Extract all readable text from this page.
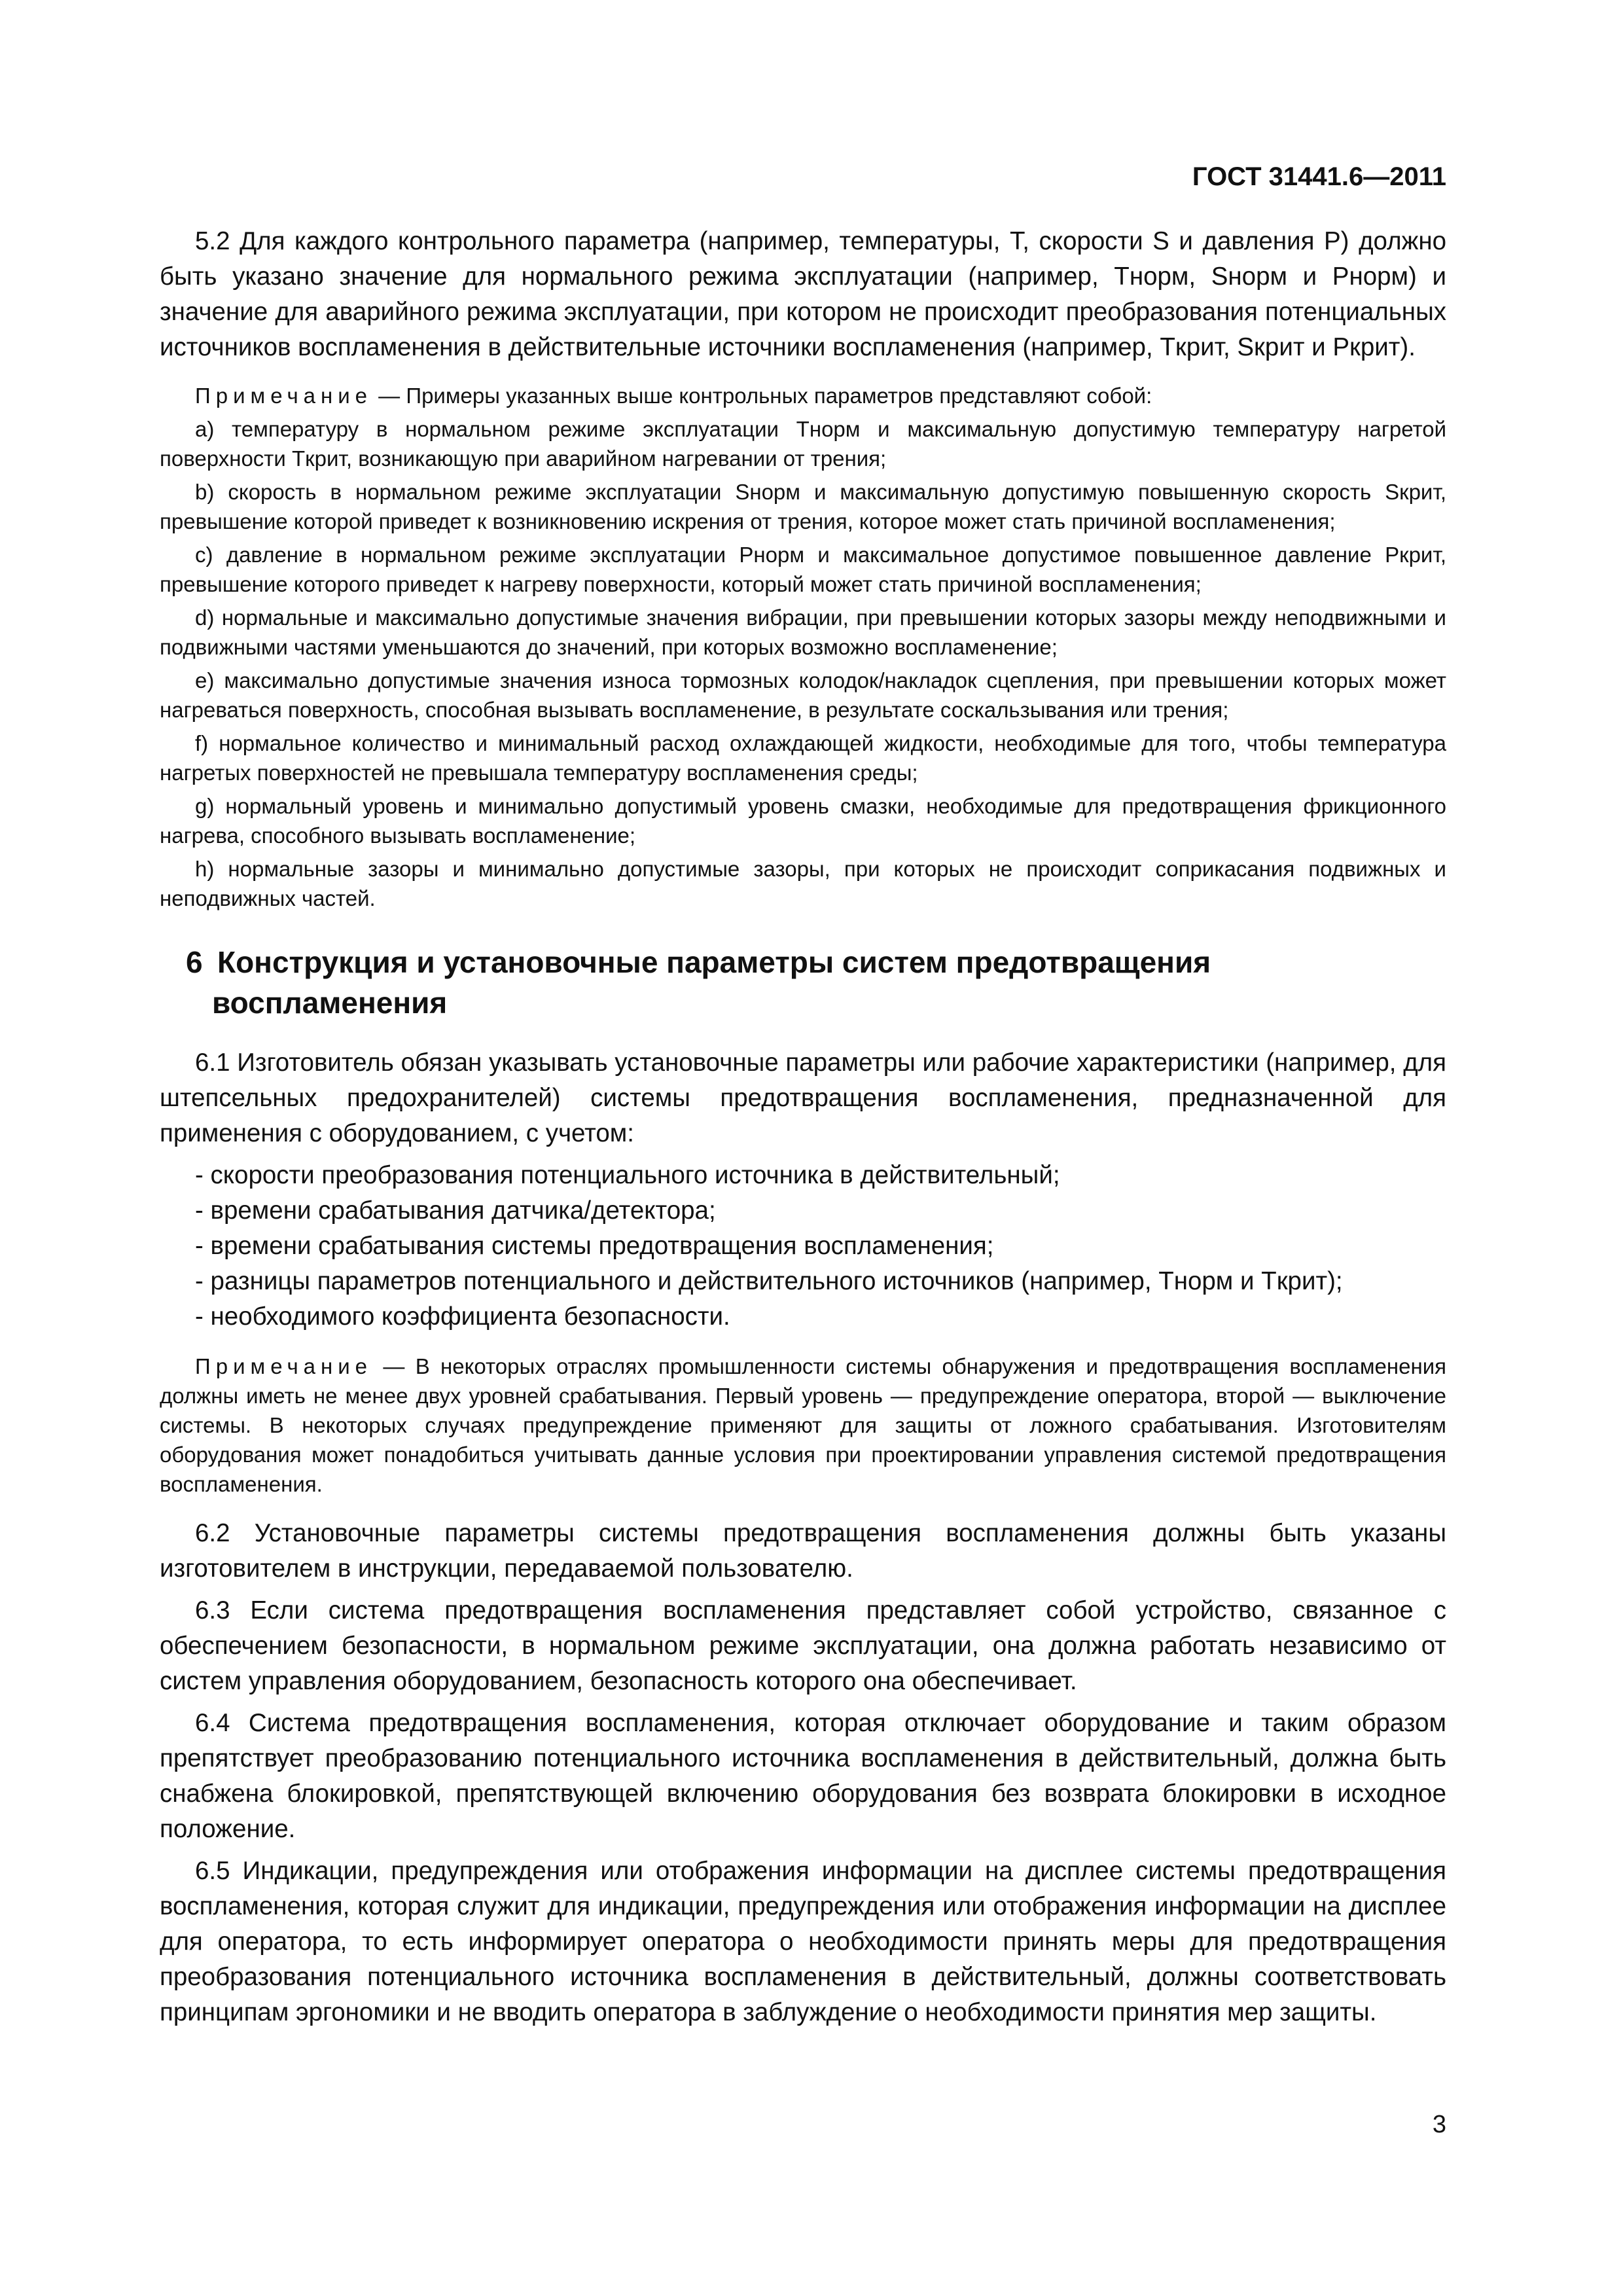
ГОСТ 31441.6—2011

5.2 Для каждого контрольного параметра (например, температуры, T, скорости S и давления P) должно быть указано значение для нормального режима эксплуатации (например, Tнорм, Sнорм и Pнорм) и значение для аварийного режима эксплуатации, при котором не происходит преобразования потенциальных источников воспламенения в действительные источники воспламенения (например, Tкрит, Sкрит и Pкрит).

Примечание — Примеры указанных выше контрольных параметров представляют собой:

a) температуру в нормальном режиме эксплуатации Tнорм и максимальную допустимую температуру нагретой поверхности Tкрит, возникающую при аварийном нагревании от трения;

b) скорость в нормальном режиме эксплуатации Sнорм и максимальную допустимую повышенную скорость Sкрит, превышение которой приведет к возникновению искрения от трения, которое может стать причиной воспламенения;

c) давление в нормальном режиме эксплуатации Pнорм и максимальное допустимое повышенное давление Pкрит, превышение которого приведет к нагреву поверхности, который может стать причиной воспламенения;

d) нормальные и максимально допустимые значения вибрации, при превышении которых зазоры между неподвижными и подвижными частями уменьшаются до значений, при которых возможно воспламенение;

e) максимально допустимые значения износа тормозных колодок/накладок сцепления, при превышении которых может нагреваться поверхность, способная вызывать воспламенение, в результате соскальзывания или трения;

f) нормальное количество и минимальный расход охлаждающей жидкости, необходимые для того, чтобы температура нагретых поверхностей не превышала температуру воспламенения среды;

g) нормальный уровень и минимально допустимый уровень смазки, необходимые для предотвращения фрикционного нагрева, способного вызывать воспламенение;

h) нормальные зазоры и минимально допустимые зазоры, при которых не происходит соприкасания подвижных и неподвижных частей.

6 Конструкция и установочные параметры систем предотвращения воспламенения

6.1 Изготовитель обязан указывать установочные параметры или рабочие характеристики (например, для штепсельных предохранителей) системы предотвращения воспламенения, предназначенной для применения с оборудованием, с учетом:

- скорости преобразования потенциального источника в действительный;
- времени срабатывания датчика/детектора;
- времени срабатывания системы предотвращения воспламенения;
- разницы параметров потенциального и действительного источников (например, Tнорм и Tкрит);
- необходимого коэффициента безопасности.

Примечание — В некоторых отраслях промышленности системы обнаружения и предотвращения воспламенения должны иметь не менее двух уровней срабатывания. Первый уровень — предупреждение оператора, второй — выключение системы. В некоторых случаях предупреждение применяют для защиты от ложного срабатывания. Изготовителям оборудования может понадобиться учитывать данные условия при проектировании управления системой предотвращения воспламенения.

6.2 Установочные параметры системы предотвращения воспламенения должны быть указаны изготовителем в инструкции, передаваемой пользователю.

6.3 Если система предотвращения воспламенения представляет собой устройство, связанное с обеспечением безопасности, в нормальном режиме эксплуатации, она должна работать независимо от систем управления оборудованием, безопасность которого она обеспечивает.

6.4 Система предотвращения воспламенения, которая отключает оборудование и таким образом препятствует преобразованию потенциального источника воспламенения в действительный, должна быть снабжена блокировкой, препятствующей включению оборудования без возврата блокировки в исходное положение.

6.5 Индикации, предупреждения или отображения информации на дисплее системы предотвращения воспламенения, которая служит для индикации, предупреждения или отображения информации на дисплее для оператора, то есть информирует оператора о необходимости принять меры для предотвращения преобразования потенциального источника воспламенения в действительный, должны соответствовать принципам эргономики и не вводить оператора в заблуждение о необходимости принятия мер защиты.

3
